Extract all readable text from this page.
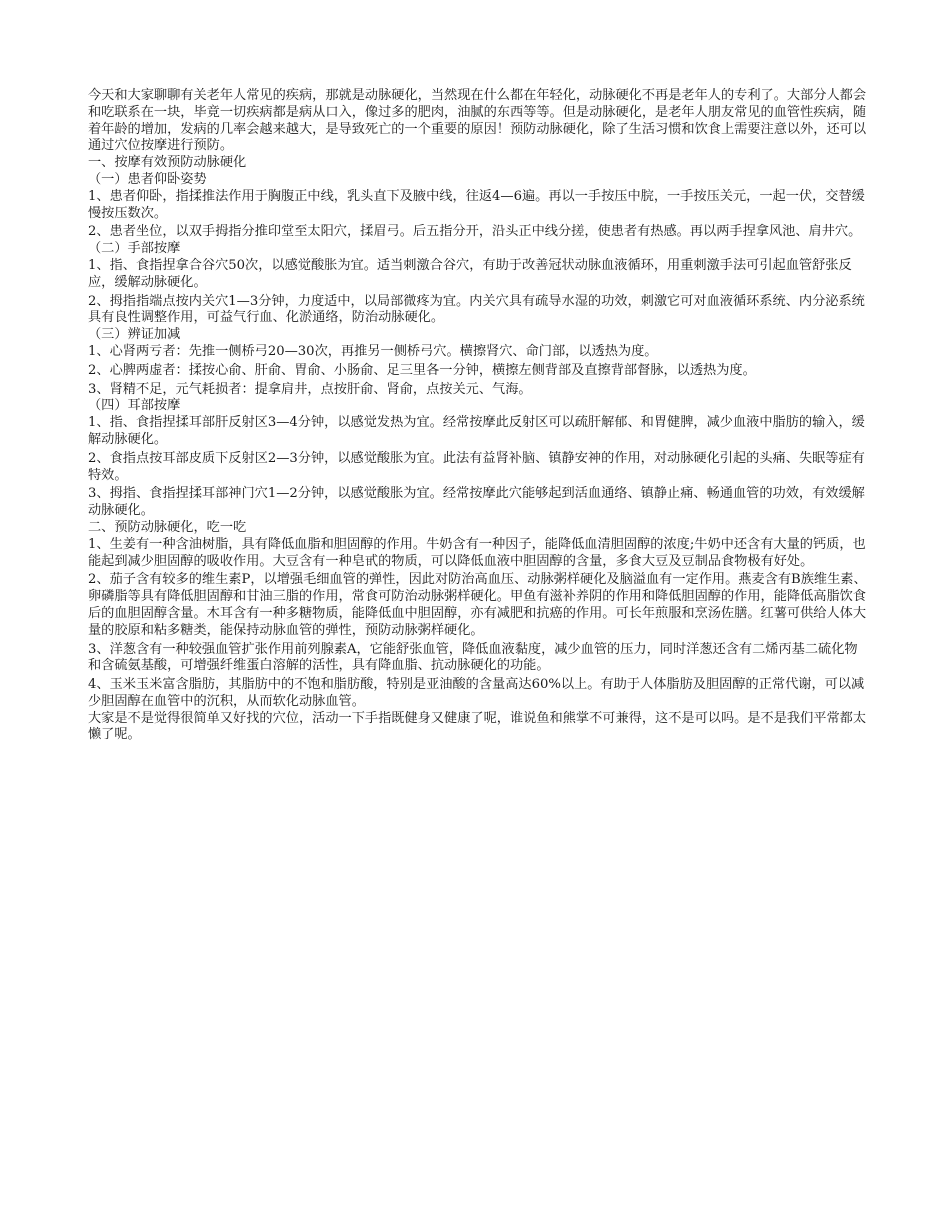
今天和大家聊聊有关老年人常见的疾病，那就是动脉硬化，当然现在什么都在年轻化，动脉硬化不再是老年人的专利了。大部分人都会和吃联系在一块，毕竟一切疾病都是病从口入，像过多的肥肉，油腻的东西等等。但是动脉硬化，是老年人朋友常见的血管性疾病，随着年龄的增加，发病的几率会越来越大，是导致死亡的一个重要的原因！预防动脉硬化，除了生活习惯和饮食上需要注意以外，还可以通过穴位按摩进行预防。

一、按摩有效预防动脉硬化

（一）患者仰卧姿势

1、患者仰卧，指揉推法作用于胸腹正中线，乳头直下及腋中线，往返4—6遍。再以一手按压中脘，一手按压关元，一起一伏，交替缓慢按压数次。

2、患者坐位，以双手拇指分推印堂至太阳穴，揉眉弓。后五指分开，沿头正中线分搓，使患者有热感。再以两手捏拿风池、肩井穴。

（二）手部按摩

1、指、食指捏拿合谷穴50次，以感觉酸胀为宜。适当刺激合谷穴，有助于改善冠状动脉血液循环，用重刺激手法可引起血管舒张反应，缓解动脉硬化。

2、拇指指端点按内关穴1—3分钟，力度适中，以局部微疼为宜。内关穴具有疏导水湿的功效，刺激它可对血液循环系统、内分泌系统具有良性调整作用，可益气行血、化淤通络，防治动脉硬化。

（三）辨证加减

1、心肾两亏者：先推一侧桥弓20—30次，再推另一侧桥弓穴。横擦肾穴、命门部，以透热为度。

2、心脾两虚者：揉按心俞、肝俞、胃俞、小肠俞、足三里各一分钟，横擦左侧背部及直擦背部督脉，以透热为度。

3、肾精不足，元气耗损者：提拿肩井，点按肝俞、肾俞，点按关元、气海。

（四）耳部按摩

1、指、食指捏揉耳部肝反射区3—4分钟，以感觉发热为宜。经常按摩此反射区可以疏肝解郁、和胃健脾，减少血液中脂肪的输入，缓解动脉硬化。

2、食指点按耳部皮质下反射区2—3分钟，以感觉酸胀为宜。此法有益肾补脑、镇静安神的作用，对动脉硬化引起的头痛、失眠等症有特效。

3、拇指、食指捏揉耳部神门穴1—2分钟，以感觉酸胀为宜。经常按摩此穴能够起到活血通络、镇静止痛、畅通血管的功效，有效缓解动脉硬化。

二、预防动脉硬化，吃一吃

1、生姜有一种含油树脂，具有降低血脂和胆固醇的作用。牛奶含有一种因子，能降低血清胆固醇的浓度;牛奶中还含有大量的钙质，也能起到减少胆固醇的吸收作用。大豆含有一种皂甙的物质，可以降低血液中胆固醇的含量，多食大豆及豆制品食物极有好处。

2、茄子含有较多的维生素P，以增强毛细血管的弹性，因此对防治高血压、动脉粥样硬化及脑溢血有一定作用。燕麦含有B族维生素、卵磷脂等具有降低胆固醇和甘油三脂的作用，常食可防治动脉粥样硬化。甲鱼有滋补养阴的作用和降低胆固醇的作用，能降低高脂饮食后的血胆固醇含量。木耳含有一种多糖物质，能降低血中胆固醇，亦有减肥和抗癌的作用。可长年煎服和烹汤佐膳。红薯可供给人体大量的胶原和粘多糖类，能保持动脉血管的弹性，预防动脉粥样硬化。

3、洋葱含有一种较强血管扩张作用前列腺素A，它能舒张血管，降低血液黏度，减少血管的压力，同时洋葱还含有二烯丙基二硫化物和含硫氨基酸，可增强纤维蛋白溶解的活性，具有降血脂、抗动脉硬化的功能。

4、玉米玉米富含脂肪，其脂肪中的不饱和脂肪酸，特别是亚油酸的含量高达60%以上。有助于人体脂肪及胆固醇的正常代谢，可以减少胆固醇在血管中的沉积，从而软化动脉血管。

大家是不是觉得很简单又好找的穴位，活动一下手指既健身又健康了呢，谁说鱼和熊掌不可兼得，这不是可以吗。是不是我们平常都太懒了呢。
